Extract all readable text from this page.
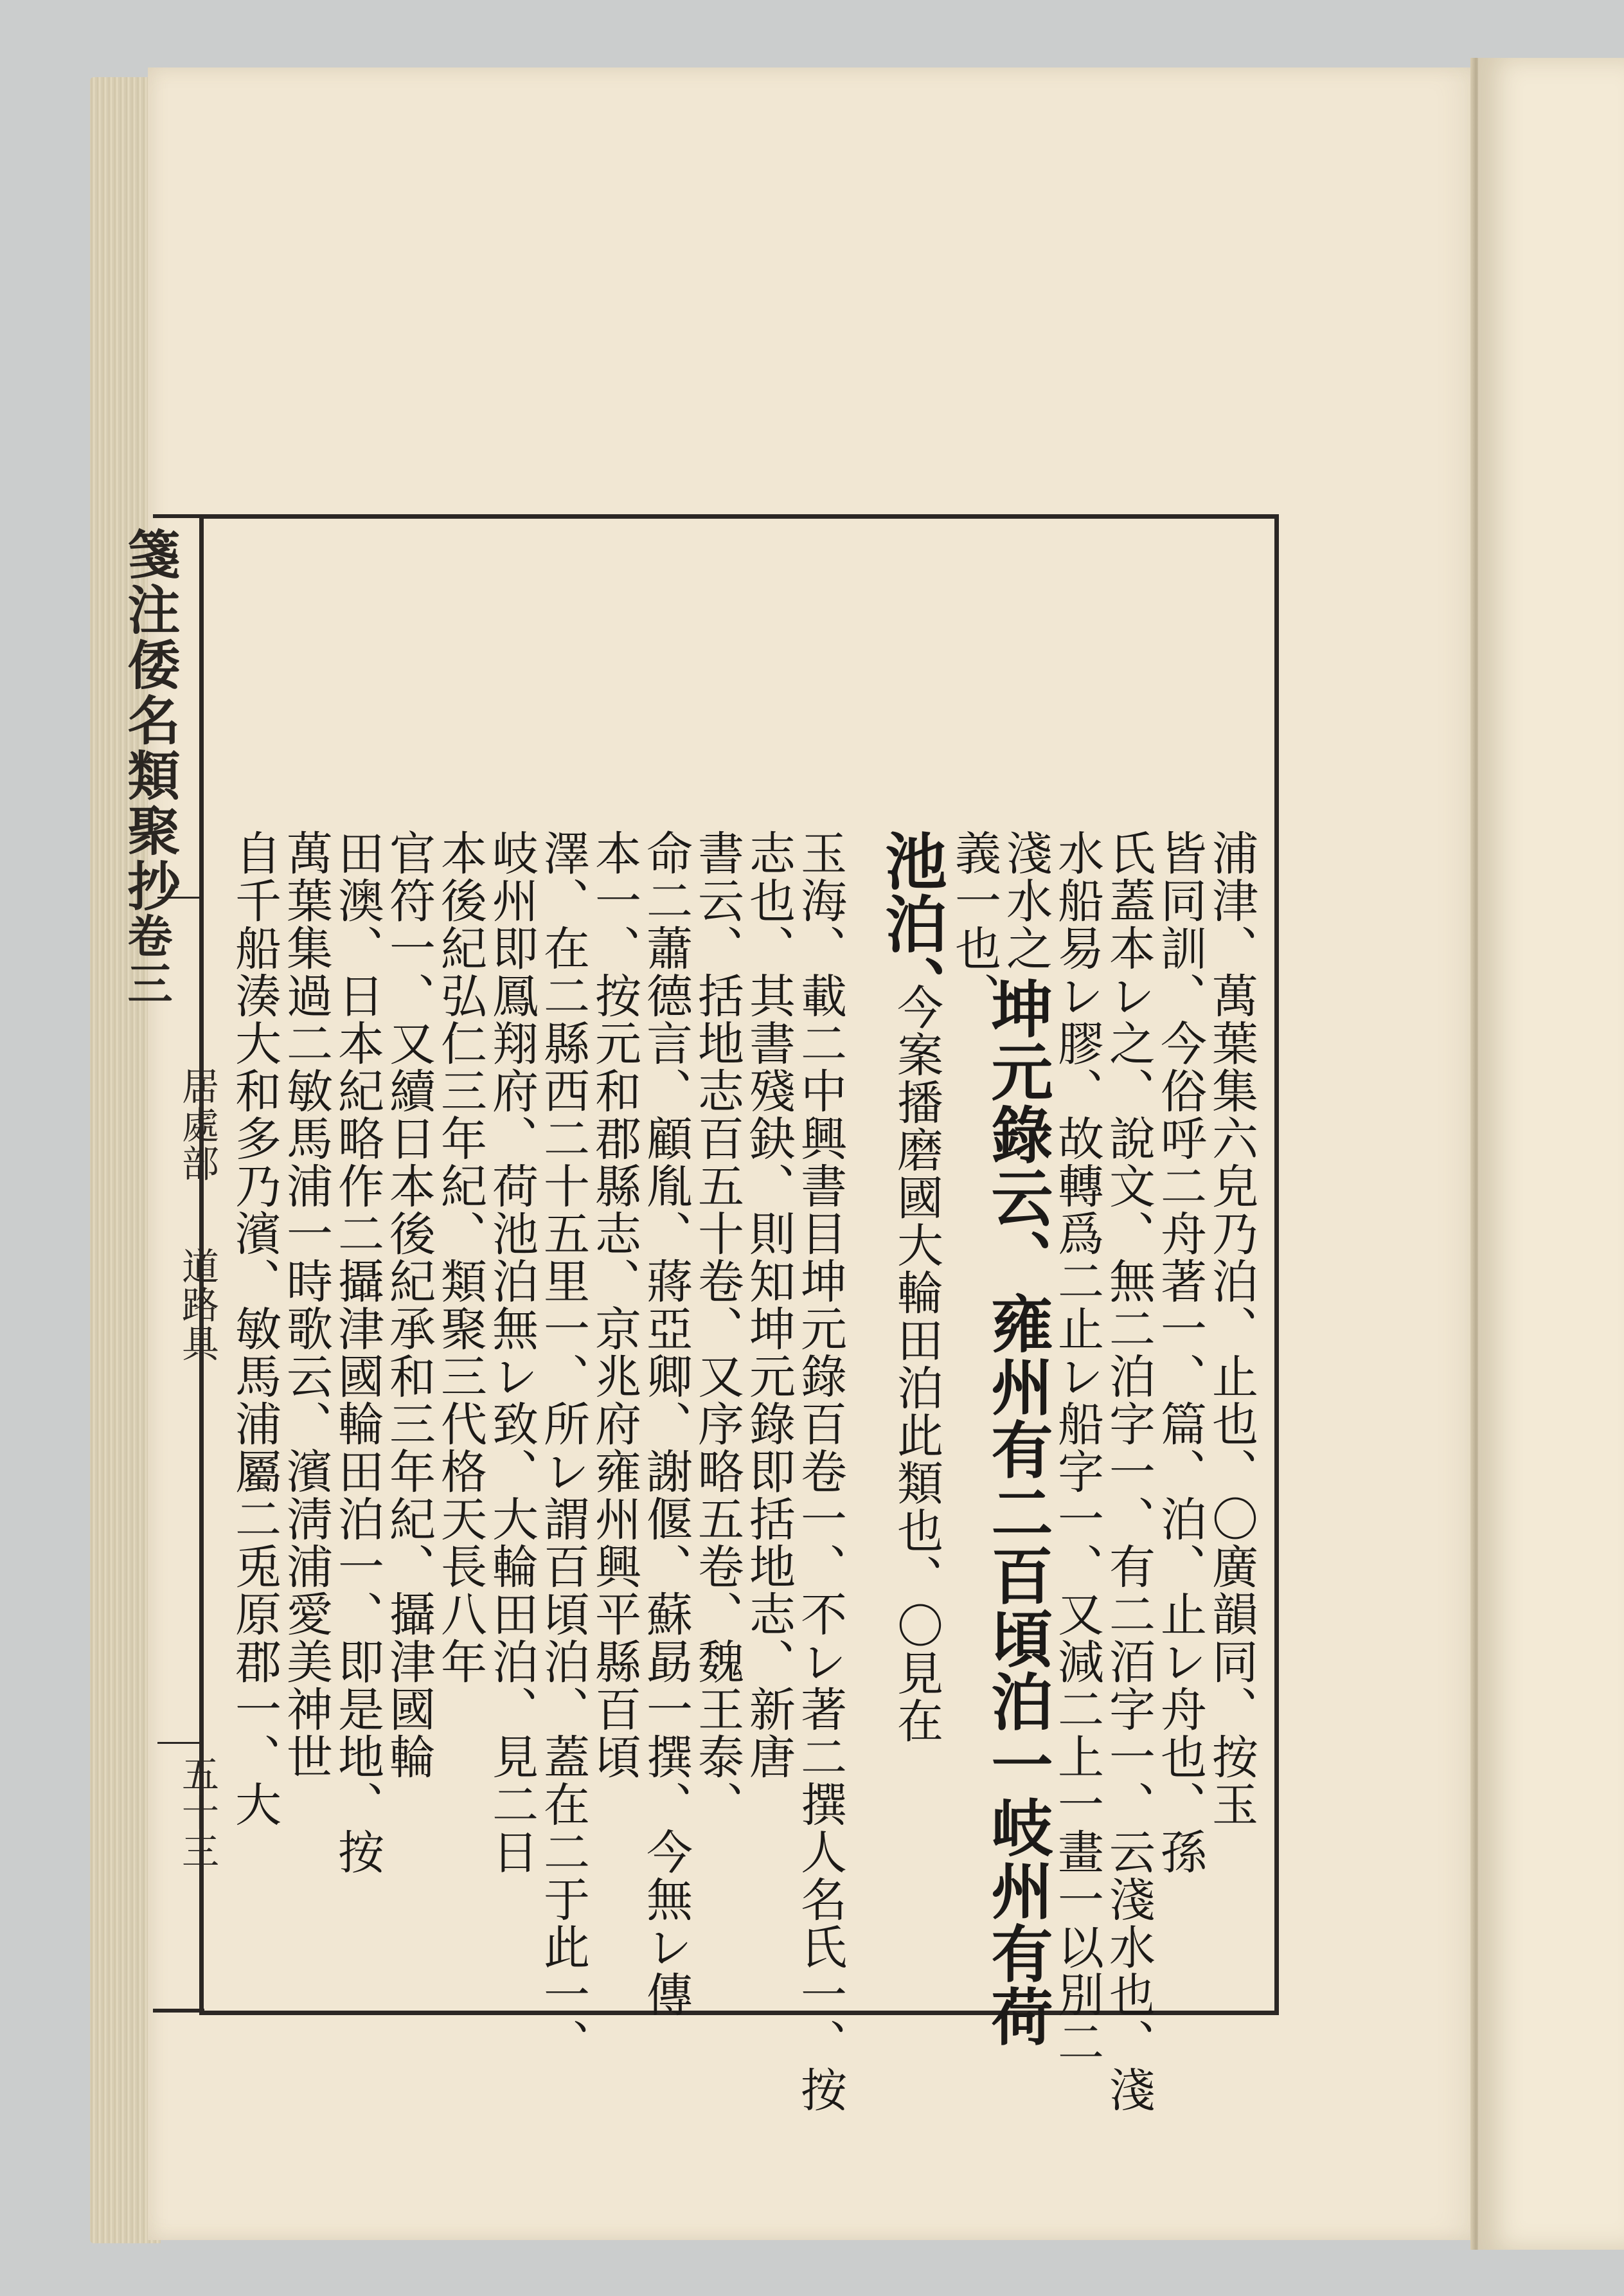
箋注倭名類聚抄
卷三
居處部
道路具
五十三	浦津、萬葉集六皃乃泊、止也、〇廣韻同、按玉
皆同訓、今俗呼二舟著一、篇、泊、止レ舟也、孫
氏蓋本レ之、說文、無二泊字一、有二洦字一、云淺水也、淺
水船易レ膠、故轉爲二止レ船字一、又減二上一畫一以別二
淺水之
坤元錄云、雍州有二百頃泊一岐州有荷
義一也、
池泊、
今案播磨國大輪田泊此類也、〇見在
玉海、載二中興書目坤元錄百卷一、不レ著二撰人名氏一、按
志也、其書殘鈌、則知坤元錄即括地志、新唐
書云、括地志百五十卷、又序略五卷、魏王泰、
命二蕭德言、顧胤、蔣亞卿、謝偃、蘇勗一撰、今無レ傳
本一、按元和郡縣志、京兆府雍州興平縣百頃
澤、在二縣西二十五里一、所レ謂百頃泊、蓋在二于此一、
岐州即鳳翔府、荷池泊無レ致、大輪田泊、見二日
本後紀弘仁三年紀、類聚三代格天長八年
官符一、又續日本後紀承和三年紀、攝津國輪
田澳、日本紀略作二攝津國輪田泊一、即是地、按
萬葉集過二敏馬浦一時歌云、濱淸浦愛美神世
自千船湊大和多乃濱、敏馬浦屬二兎原郡一、大
